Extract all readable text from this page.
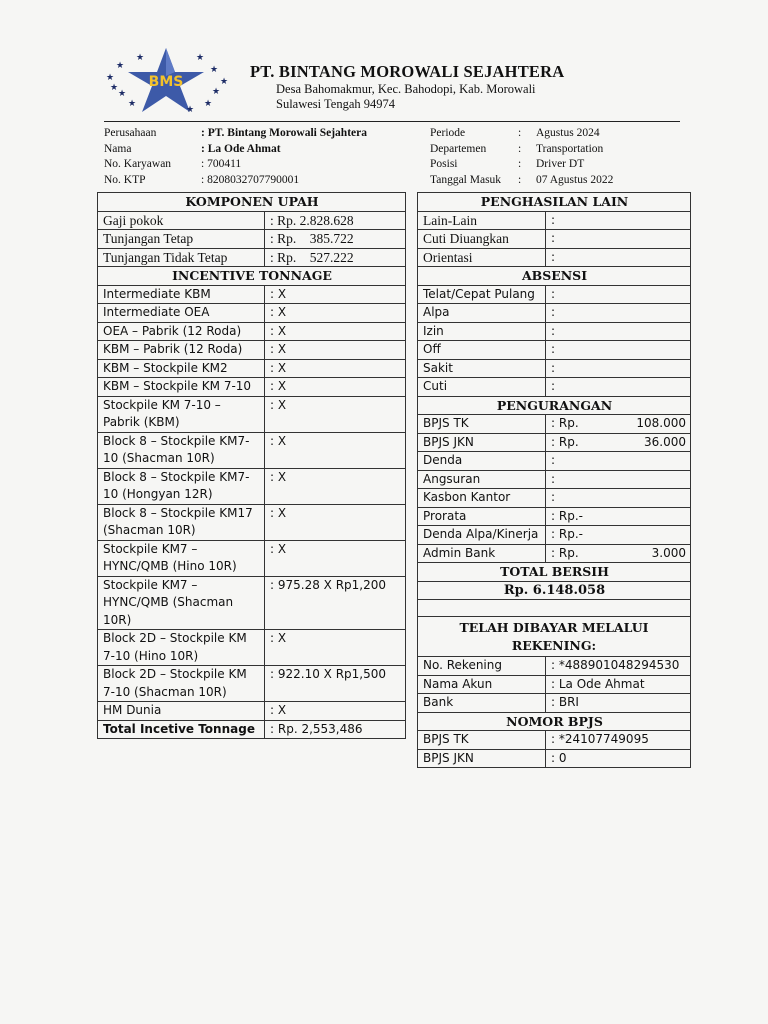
★
★
★
★
★	★
★
★
★
★
★
★
BMS
PT. BINTANG MOROWALI SEJAHTERA
Desa Bahomakmur, Kec. Bahodopi, Kab. Morowali
Sulawesi Tengah 94974
Perusahaan	: PT. Bintang Morowali Sejahtera
Nama	: La Ode Ahmat
No. Karyawan	: 700411
No. KTP	: 8208032707790001
Periode	:	Agustus 2024
Departemen	:	Transportation
Posisi	:	Driver DT
Tanggal Masuk	:	07 Agustus 2022
KOMPONEN UPAH	
Gaji pokok	: Rp. 2.828.628
Tunjangan Tetap	: Rp.    385.722
Tunjangan Tidak Tetap	: Rp.    527.222
INCENTIVE TONNAGE	
Intermediate KBM	: X
Intermediate OEA	: X
OEA – Pabrik (12 Roda)	: X
KBM – Pabrik (12 Roda)	: X
KBM – Stockpile KM2	: X
KBM – Stockpile KM 7-10	: X
Stockpile KM 7-10 – Pabrik (KBM)	: X
Block 8 – Stockpile KM7-10 (Shacman 10R)	: X
Block 8 – Stockpile KM7-10 (Hongyan 12R)	: X
Block 8 – Stockpile KM17 (Shacman 10R)	: X
Stockpile KM7 – HYNC/QMB (Hino 10R)	: X
Stockpile KM7 – HYNC/QMB (Shacman 10R)	: 975.28 X Rp1,200
Block 2D – Stockpile KM 7-10 (Hino 10R)	: X
Block 2D – Stockpile KM 7-10 (Shacman 10R)	: 922.10 X Rp1,500
HM Dunia	: X
Total Incetive Tonnage	: Rp. 2,553,486
PENGHASILAN LAIN	
Lain-Lain	:
Cuti Diuangkan	:
Orientasi	:
ABSENSI	
Telat/Cepat Pulang	:
Alpa	:
Izin	:
Off	:
Sakit	:
Cuti	:
PENGURANGAN	
BPJS TK	: Rp. 108.000

BPJS JKN	: Rp. 36.000

Denda	:

Angsuran	:

Kasbon Kantor	:

Prorata	: Rp.-

Denda Alpa/Kinerja	: Rp.-

Admin Bank	: Rp. 3.000

TOTAL BERSIH	
Rp. 6.148.058	

TELAH DIBAYAR MELALUI REKENING:	
No. Rekening	: *488901048294530
Nama Akun	: La Ode Ahmat
Bank	: BRI
NOMOR BPJS	
BPJS TK	: *24107749095
BPJS JKN	: 0
